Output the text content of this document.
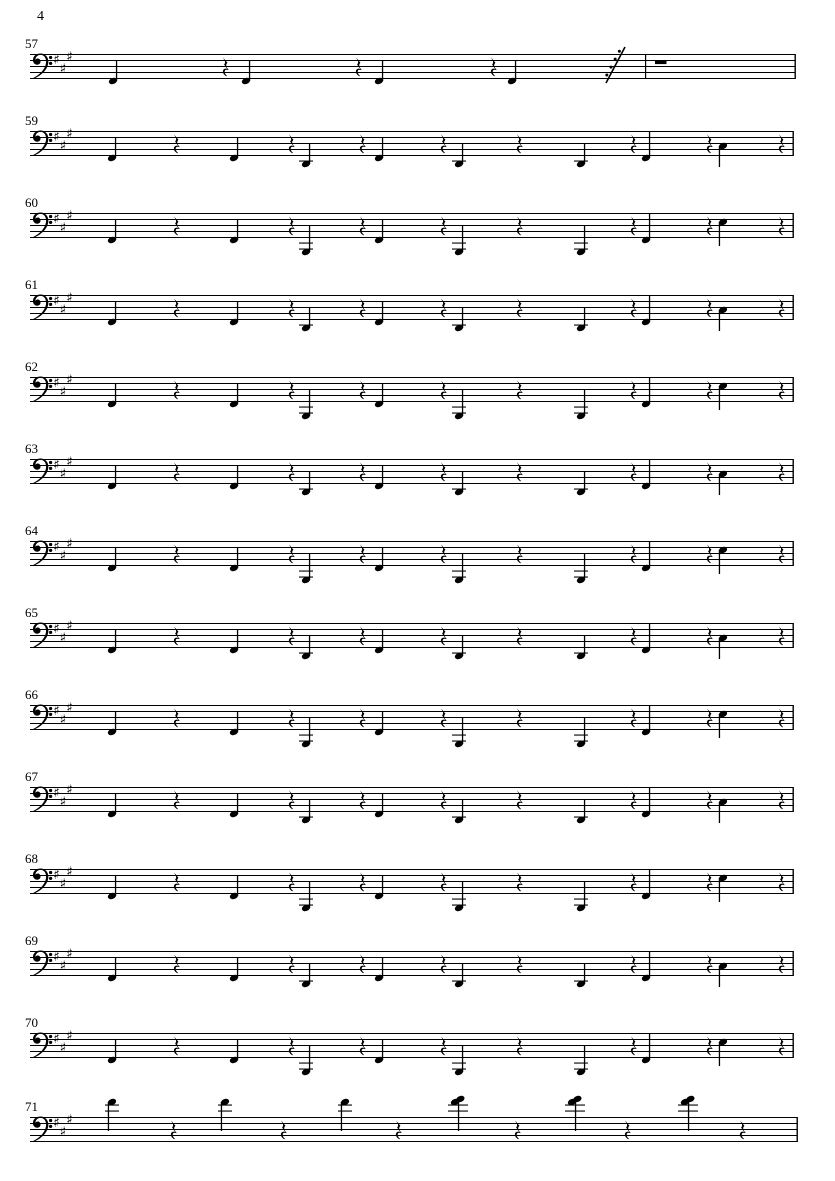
4
57
♯
♯
♯
59
♯
♯
♯
60
♯
♯
♯
61
♯
♯
♯
62
♯
♯
♯
63
♯
♯
♯
64
♯
♯
♯
65
♯
♯
♯
66
♯
♯
♯
67
♯
♯
♯
68
♯
♯
♯
69
♯
♯
♯
70
♯
♯
♯
71
♯
♯
♯
